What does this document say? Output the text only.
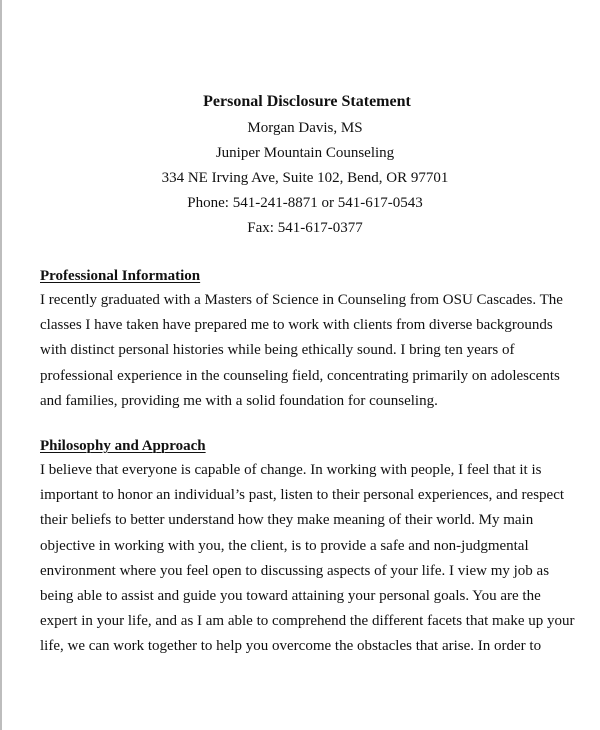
Personal Disclosure Statement

Morgan Davis, MS

Juniper Mountain Counseling

334 NE Irving Ave, Suite 102, Bend, OR 97701

Phone: 541-241-8871 or 541-617-0543

Fax: 541-617-0377

Professional Information

I recently graduated with a Masters of Science in Counseling from OSU Cascades. The
classes I have taken have prepared me to work with clients from diverse backgrounds
with distinct personal histories while being ethically sound. I bring ten years of
professional experience in the counseling field, concentrating primarily on adolescents
and families, providing me with a solid foundation for counseling.

Philosophy and Approach

I believe that everyone is capable of change. In working with people, I feel that it is
important to honor an individual’s past, listen to their personal experiences, and respect
their beliefs to better understand how they make meaning of their world. My main
objective in working with you, the client, is to provide a safe and non-judgmental
environment where you feel open to discussing aspects of your life. I view my job as
being able to assist and guide you toward attaining your personal goals. You are the
expert in your life, and as I am able to comprehend the different facets that make up your
life, we can work together to help you overcome the obstacles that arise. In order to
